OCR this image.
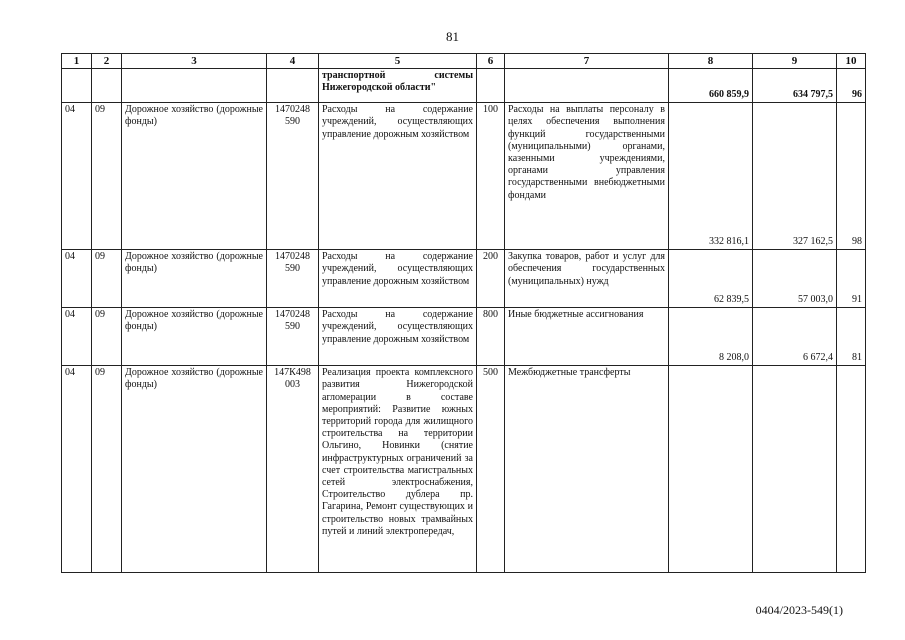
81
1	2	3	4	5	6	7	8	9	10
				транспортной системы Нижегородской области"			660 859,9	634 797,5	96
04	09	Дорожное хозяйство (дорожные фонды)	1470248 590	Расходы на содержание учреждений, осуществляющих управление дорожным хозяйством	100	Расходы на выплаты персоналу в целях обеспечения выполнения функций государственными (муниципальными) органами, казенными учреждениями, органами управления государственными внебюджетными фондами	332 816,1	327 162,5	98
04	09	Дорожное хозяйство (дорожные фонды)	1470248 590	Расходы на содержание учреждений, осуществляющих управление дорожным хозяйством	200	Закупка товаров, работ и услуг для обеспечения государственных (муниципальных) нужд	62 839,5	57 003,0	91
04	09	Дорожное хозяйство (дорожные фонды)	1470248 590	Расходы на содержание учреждений, осуществляющих управление дорожным хозяйством	800	Иные бюджетные ассигнования	8 208,0	6 672,4	81
04	09	Дорожное хозяйство (дорожные фонды)	147К498 003	Реализация проекта комплексного развития Нижегородской агломерации в составе мероприятий: Развитие южных территорий города для жилищного строительства на территории Ольгино, Новинки (снятие инфраструктурных ограничений за счет строительства магистральных сетей электроснабжения, Строительство дублера пр. Гагарина, Ремонт существующих и строительство новых трамвайных путей и линий электропередач,	500	Межбюджетные трансферты			
0404/2023-549(1)
